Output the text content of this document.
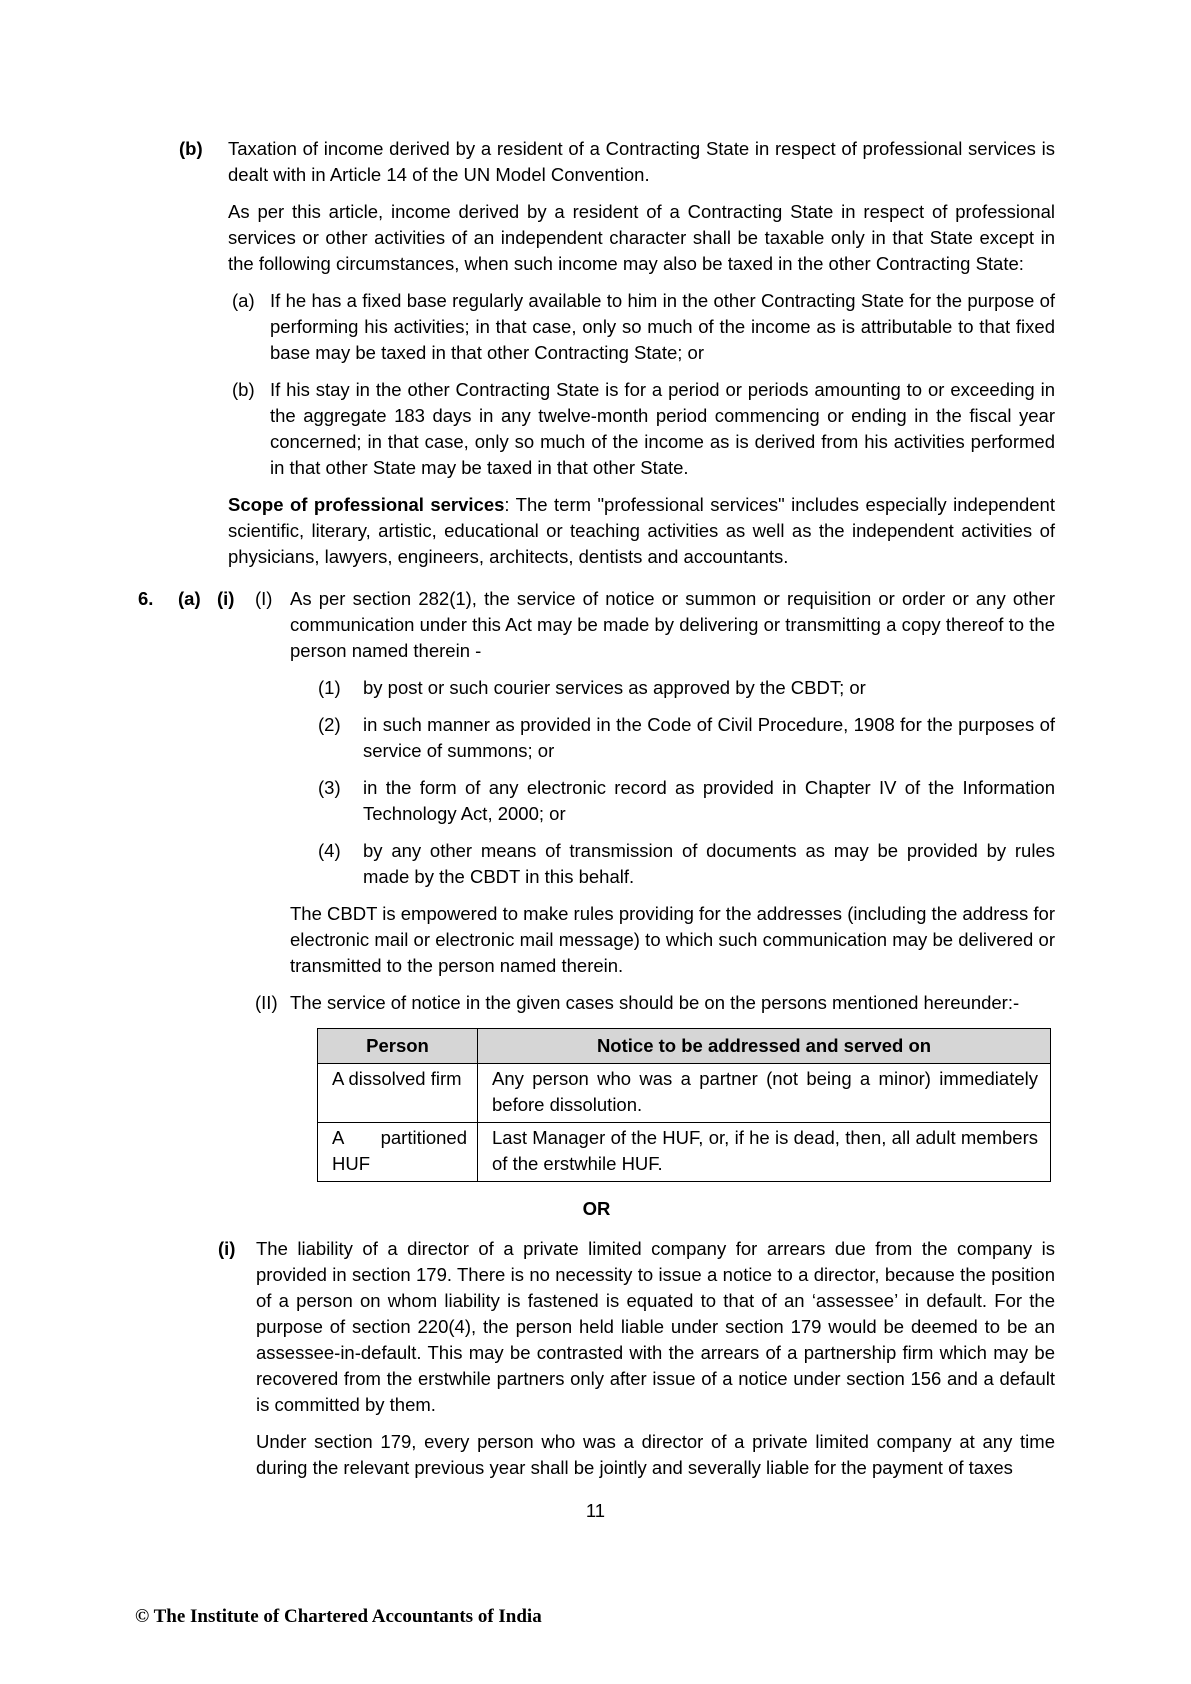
(b)	Taxation of income derived by a resident of a Contracting State in respect of professional services is dealt with in Article 14 of the UN Model Convention.

As per this article, income derived by a resident of a Contracting State in respect of professional services or other activities of an independent character shall be taxable only in that State except in the following circumstances, when such income may also be taxed in the other Contracting State:

(a) If he has a fixed base regularly available to him in the other Contracting State for the purpose of performing his activities; in that case, only so much of the income as is attributable to that fixed base may be taxed in that other Contracting State; or
(b) If his stay in the other Contracting State is for a period or periods amounting to or exceeding in the aggregate 183 days in any twelve-month period commencing or ending in the fiscal year concerned; in that case, only so much of the income as is derived from his activities performed in that other State may be taxed in that other State.

Scope of professional services: The term "professional services" includes especially independent scientific, literary, artistic, educational or teaching activities as well as the independent activities of physicians, lawyers, engineers, architects, dentists and accountants.

6.	(a) (i)	(I) As per section 282(1), the service of notice or summon or requisition or order or any other communication under this Act may be made by delivering or transmitting a copy thereof to the person named therein -

(1)	by post or such courier services as approved by the CBDT; or
(2)	in such manner as provided in the Code of Civil Procedure, 1908 for the purposes of service of summons; or
(3)	in the form of any electronic record as provided in Chapter IV of the Information Technology Act, 2000; or
(4)	by any other means of transmission of documents as may be provided by rules made by the CBDT in this behalf.

The CBDT is empowered to make rules providing for the addresses (including the address for electronic mail or electronic mail message) to which such communication may be delivered or transmitted to the person named therein.

(II) The service of notice in the given cases should be on the persons mentioned hereunder:-

Person	Notice to be addressed and served on
A dissolved firm	Any person who was a partner (not being a minor) immediately before dissolution.
A partitioned HUF	Last Manager of the HUF, or, if he is dead, then, all adult members of the erstwhile HUF.
OR
(i)	The liability of a director of a private limited company for arrears due from the company is provided in section 179. There is no necessity to issue a notice to a director, because the position of a person on whom liability is fastened is equated to that of an ‘assessee’ in default. For the purpose of section 220(4), the person held liable under section 179 would be deemed to be an assessee-in-default. This may be contrasted with the arrears of a partnership firm which may be recovered from the erstwhile partners only after issue of a notice under section 156 and a default is committed by them.

Under section 179, every person who was a director of a private limited company at any time during the relevant previous year shall be jointly and severally liable for the payment of taxes

11
© The Institute of Chartered Accountants of India
